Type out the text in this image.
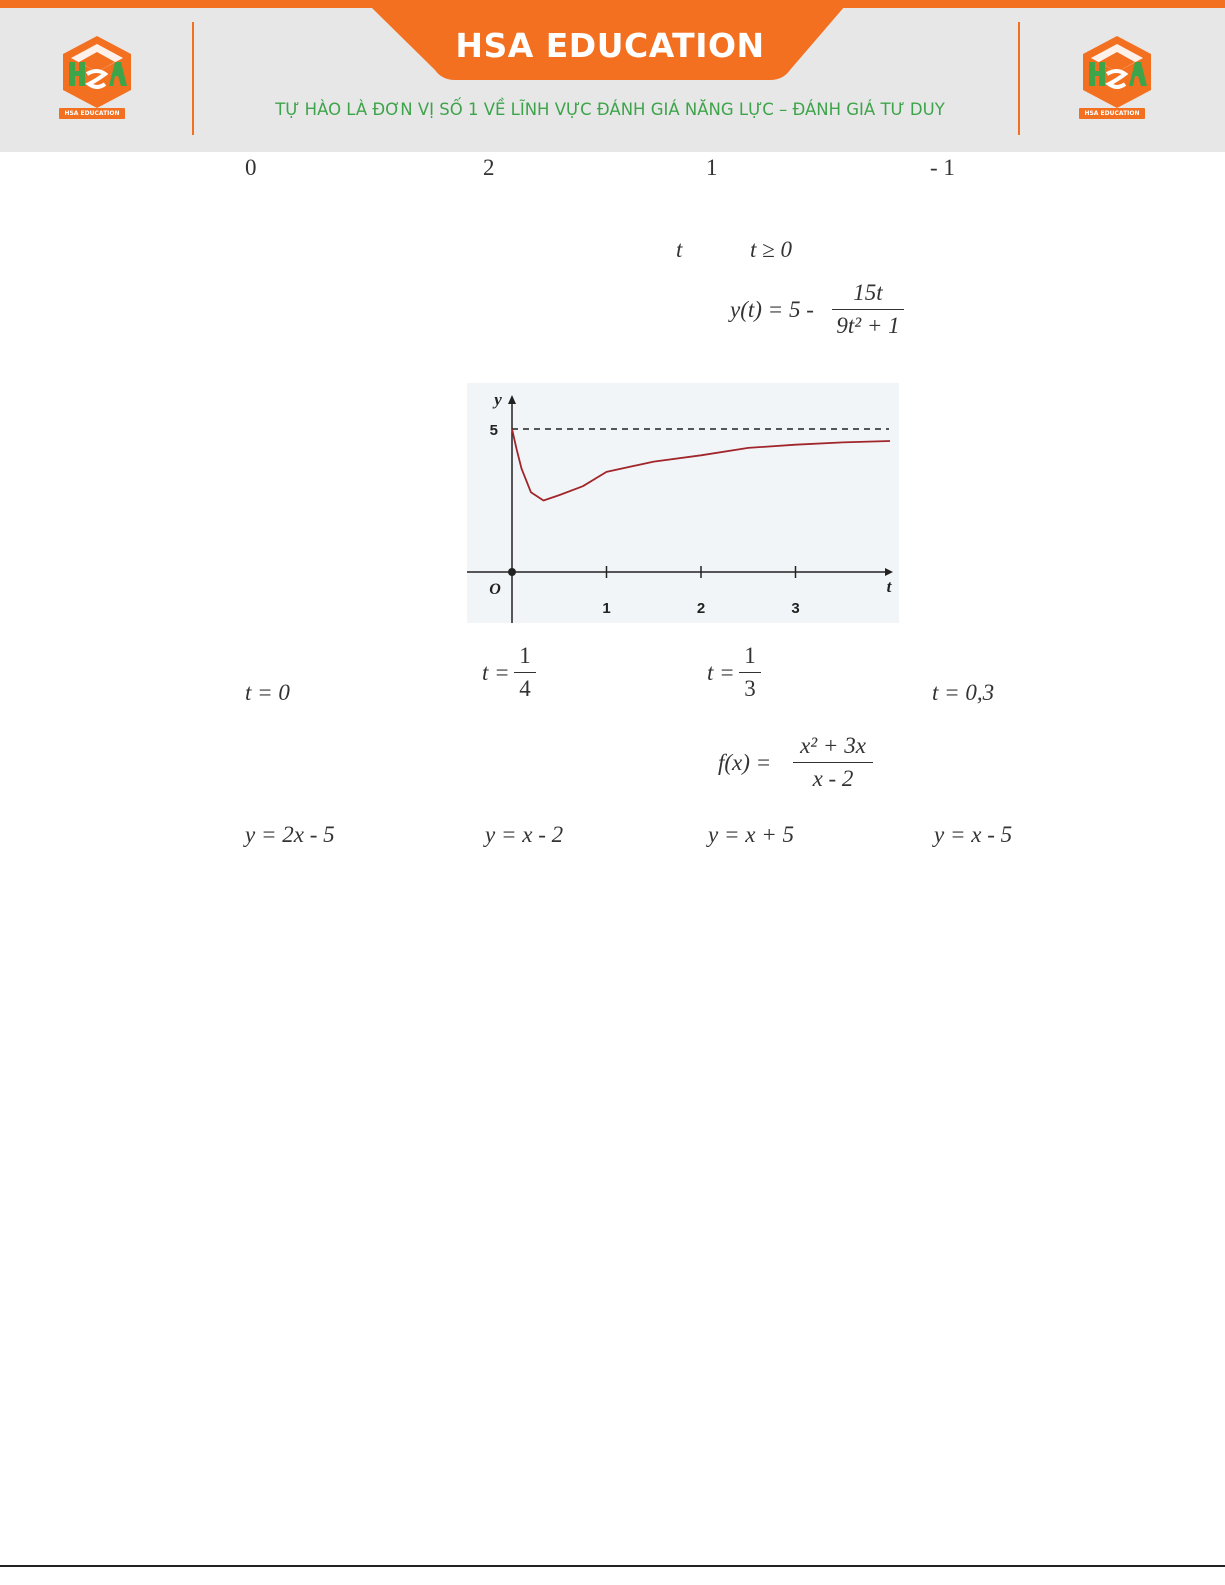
HSA EDUCATION	HSA EDUCATION
HSA EDUCATION
TỰ HÀO LÀ ĐƠN VỊ SỐ 1 VỀ LĨNH VỰC ĐÁNH GIÁ NĂNG LỰC – ĐÁNH GIÁ TƯ DUY
0	2	1	- 1
t	t ≥ 0
y(t) = 5 -
15t
9t² + 1
1	2	3
5
t
y
O
t = 0
t =
1
4
t =
1
3	t = 0,3
f(x) =
x² + 3x
x - 2
y = 2x - 5	y = x - 2	y = x + 5	y = x - 5
